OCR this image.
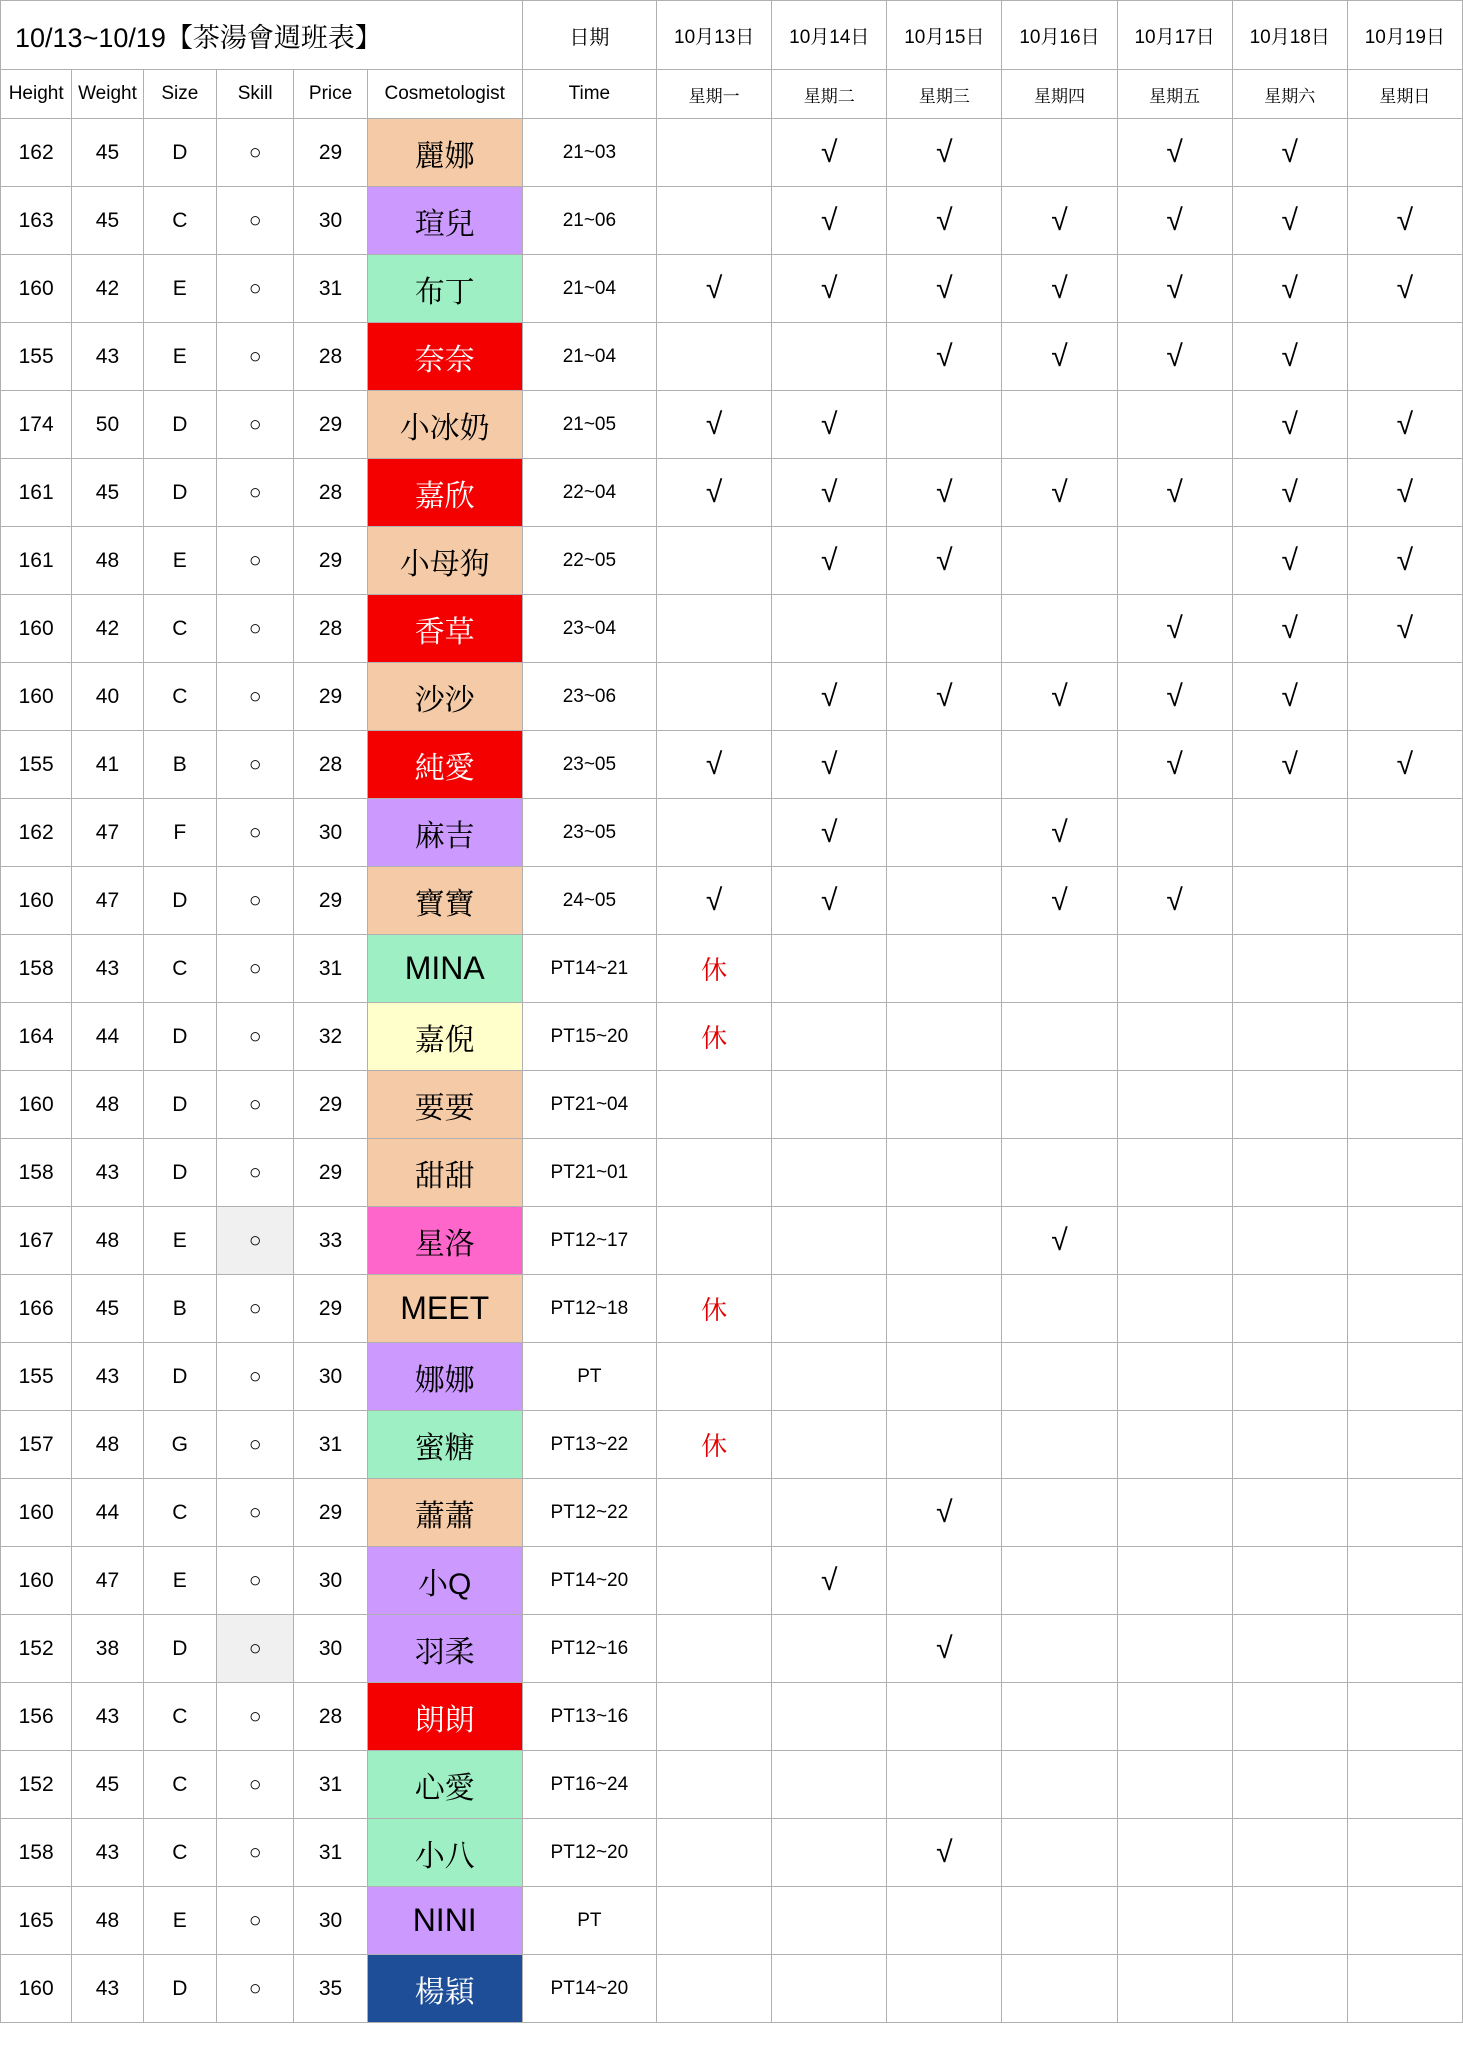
10/13~10/19【茶湯會週班表】						日期	10月13日	10月14日	10月15日	10月16日	10月17日	10月18日	10月19日
Height	Weight	Size	Skill	Price	Cosmetologist	Time	星期一	星期二	星期三	星期四	星期五	星期六	星期日
162	45	D	○	29	麗娜	21~03		√	√		√	√	
163	45	C	○	30	瑄兒	21~06		√	√	√	√	√	√
160	42	E	○	31	布丁	21~04	√	√	√	√	√	√	√
155	43	E	○	28	奈奈	21~04			√	√	√	√	
174	50	D	○	29	小冰奶	21~05	√	√				√	√
161	45	D	○	28	嘉欣	22~04	√	√	√	√	√	√	√
161	48	E	○	29	小母狗	22~05		√	√			√	√
160	42	C	○	28	香草	23~04					√	√	√
160	40	C	○	29	沙沙	23~06		√	√	√	√	√	
155	41	B	○	28	純愛	23~05	√	√			√	√	√
162	47	F	○	30	麻吉	23~05		√		√			
160	47	D	○	29	寶寶	24~05	√	√		√	√		
158	43	C	○	31	MINA	PT14~21	休						
164	44	D	○	32	嘉倪	PT15~20	休						
160	48	D	○	29	要要	PT21~04							
158	43	D	○	29	甜甜	PT21~01							
167	48	E	○	33	星洛	PT12~17				√			
166	45	B	○	29	MEET	PT12~18	休						
155	43	D	○	30	娜娜	PT							
157	48	G	○	31	蜜糖	PT13~22	休						
160	44	C	○	29	蕭蕭	PT12~22			√				
160	47	E	○	30	小Q	PT14~20		√					
152	38	D	○	30	羽柔	PT12~16			√				
156	43	C	○	28	朗朗	PT13~16							
152	45	C	○	31	心愛	PT16~24							
158	43	C	○	31	小八	PT12~20			√				
165	48	E	○	30	NINI	PT							
160	43	D	○	35	楊穎	PT14~20							
